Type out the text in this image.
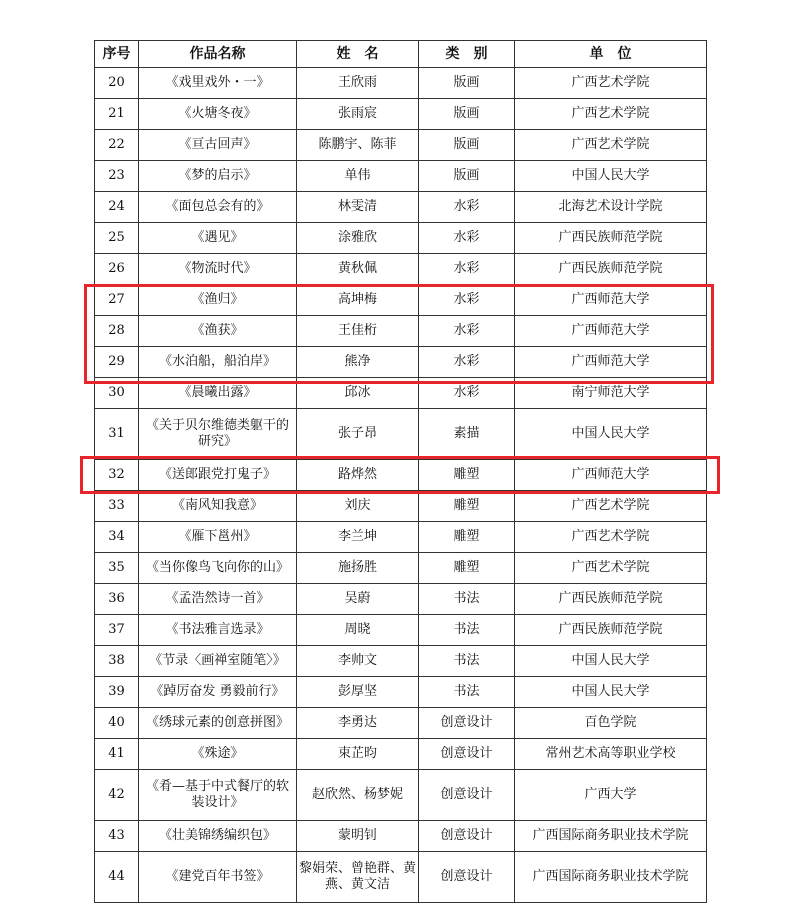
序号	作品名称	姓　名	类　别	单　位
20	《戏里戏外・一》	王欣雨	版画	广西艺术学院
21	《火塘冬夜》	张雨宸	版画	广西艺术学院
22	《亘古回声》	陈鹏宇、陈菲	版画	广西艺术学院
23	《梦的启示》	单伟	版画	中国人民大学
24	《面包总会有的》	林雯清	水彩	北海艺术设计学院
25	《遇见》	涂雅欣	水彩	广西民族师范学院
26	《物流时代》	黄秋佩	水彩	广西民族师范学院
27	《渔归》	高坤梅	水彩	广西师范大学
28	《渔获》	王佳桁	水彩	广西师范大学
29	《水泊船，船泊岸》	熊净	水彩	广西师范大学
30	《晨曦出露》	邱冰	水彩	南宁师范大学
31	《关于贝尔维德类躯干的研究》	张子昂	素描	中国人民大学
32	《送郎跟党打鬼子》	路烨然	雕塑	广西师范大学
33	《南风知我意》	刘庆	雕塑	广西艺术学院
34	《雁下邕州》	李兰坤	雕塑	广西艺术学院
35	《当你像鸟飞向你的山》	施扬胜	雕塑	广西艺术学院
36	《孟浩然诗一首》	吴蔚	书法	广西民族师范学院
37	《书法雅言选录》	周晓	书法	广西民族师范学院
38	《节录〈画禅室随笔〉》	李帅文	书法	中国人民大学
39	《踔厉奋发 勇毅前行》	彭厚坚	书法	中国人民大学
40	《绣球元素的创意拼图》	李勇达	创意设计	百色学院
41	《殊途》	束芷昀	创意设计	常州艺术高等职业学校
42	《肴—基于中式餐厅的软装设计》	赵欣然、杨梦妮	创意设计	广西大学
43	《壮美锦绣编织包》	蒙明钊	创意设计	广西国际商务职业技术学院
44	《建党百年书签》	黎娟荣、曾艳群、黄燕、黄文洁	创意设计	广西国际商务职业技术学院
